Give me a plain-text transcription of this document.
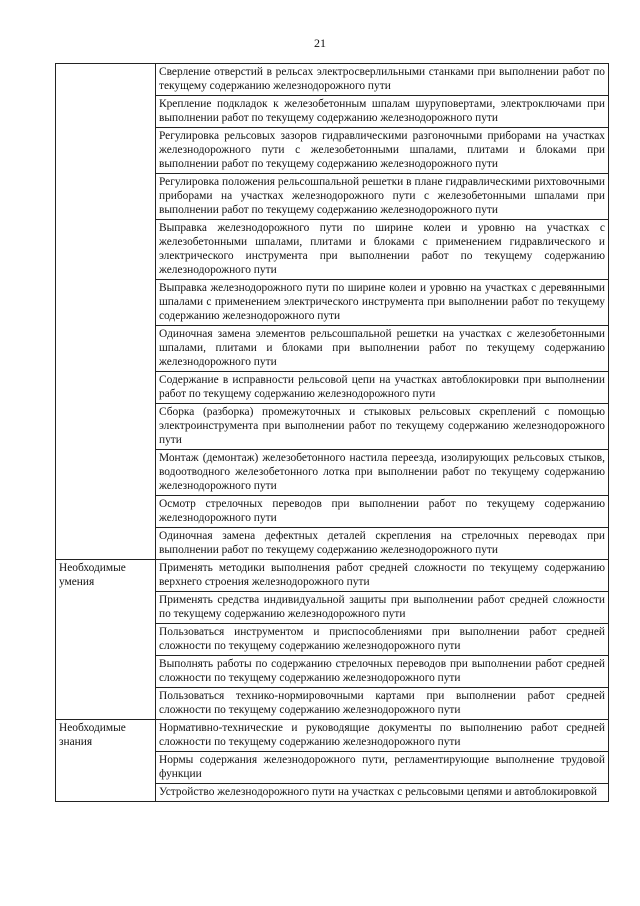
21
	Сверление отверстий в рельсах электросверлильными станками при выполнении работ по текущему содержанию железнодорожного пути
	Крепление подкладок к железобетонным шпалам шуруповертами, электроключами при выполнении работ по текущему содержанию железнодорожного пути
	Регулировка рельсовых зазоров гидравлическими разгоночными приборами на участках железнодорожного пути с железобетонными шпалами, плитами и блоками при выполнении работ по текущему содержанию железнодорожного пути
	Регулировка положения рельсошпальной решетки в плане гидравлическими рихтовочными приборами на участках железнодорожного пути с железобетонными шпалами при выполнении работ по текущему содержанию железнодорожного пути
	Выправка железнодорожного пути по ширине колеи и уровню на участках с железобетонными шпалами, плитами и блоками с применением гидравлического и электрического инструмента при выполнении работ по текущему содержанию железнодорожного пути
	Выправка железнодорожного пути по ширине колеи и уровню на участках с деревянными шпалами с применением электрического инструмента при выполнении работ по текущему содержанию железнодорожного пути
	Одиночная замена элементов рельсошпальной решетки на участках с железобетонными шпалами, плитами и блоками при выполнении работ по текущему содержанию железнодорожного пути
	Содержание в исправности рельсовой цепи на участках автоблокировки при выполнении работ по текущему содержанию железнодорожного пути
	Сборка (разборка) промежуточных и стыковых рельсовых скреплений с помощью электроинструмента при выполнении работ по текущему содержанию железнодорожного пути
	Монтаж (демонтаж) железобетонного настила переезда, изолирующих рельсовых стыков, водоотводного железобетонного лотка при выполнении работ по текущему содержанию железнодорожного пути
	Осмотр стрелочных переводов при выполнении работ по текущему содержанию железнодорожного пути
	Одиночная замена дефектных деталей скрепления на стрелочных переводах при выполнении работ по текущему содержанию железнодорожного пути
Необходимые умения	Применять методики выполнения работ средней сложности по текущему содержанию верхнего строения железнодорожного пути
	Применять средства индивидуальной защиты при выполнении работ средней сложности по текущему содержанию железнодорожного пути
	Пользоваться инструментом и приспособлениями при выполнении работ средней сложности по текущему содержанию железнодорожного пути
	Выполнять работы по содержанию стрелочных переводов при выполнении работ средней сложности по текущему содержанию железнодорожного пути
	Пользоваться технико-нормировочными картами при выполнении работ средней сложности по текущему содержанию железнодорожного пути
Необходимые знания	Нормативно-технические и руководящие документы по выполнению работ средней сложности по текущему содержанию железнодорожного пути
	Нормы содержания железнодорожного пути, регламентирующие выполнение трудовой функции
	Устройство железнодорожного пути на участках с рельсовыми цепями и автоблокировкой
